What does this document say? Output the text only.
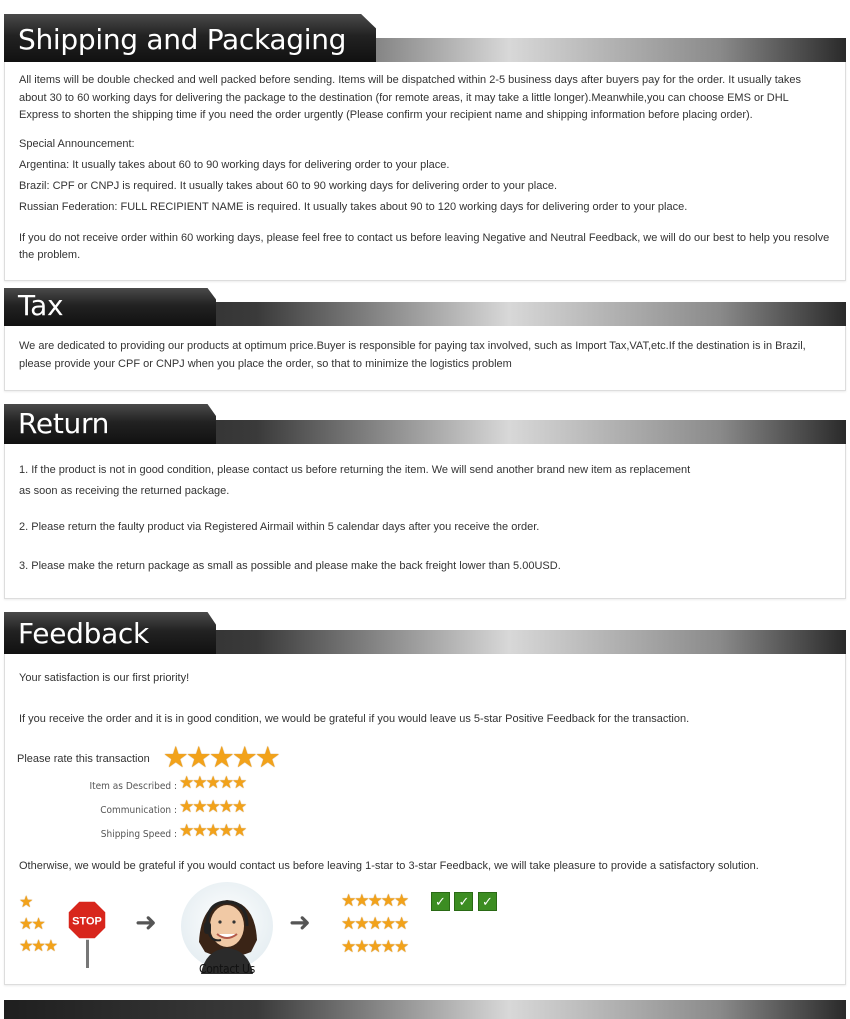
Shipping and Packaging

All items will be double checked and well packed before sending. Items will be dispatched within 2-5 business days after buyers pay for the order. It usually takes about 30 to 60 working days for delivering the package to the destination (for remote areas, it may take a little longer).Meanwhile,you can choose EMS or DHL Express to shorten the shipping time if you need the order urgently (Please confirm your recipient name and shipping information before placing order).

Special Announcement:

Argentina: It usually takes about 60 to 90 working days for delivering order to your place.

Brazil: CPF or CNPJ is required. It usually takes about 60 to 90 working days for delivering order to your place.

Russian Federation: FULL RECIPIENT NAME is required. It usually takes about 90 to 120 working days for delivering order to your place.

If you do not receive order within 60 working days, please feel free to contact us before leaving Negative and Neutral Feedback, we will do our best to help you resolve the problem.

Tax

We are dedicated to providing our products at optimum price.Buyer is responsible for paying tax involved, such as Import Tax,VAT,etc.If the destination is in Brazil, please provide your CPF or CNPJ when you place the order, so that to minimize the logistics problem

Return

1. If the product is not in good condition, please contact us before returning the item. We will send another brand new item as replacement

as soon as receiving the returned package.

2. Please return the faulty product via Registered Airmail within 5 calendar days after you receive the order.

3. Please make the return package as small as possible and please make the back freight lower than 5.00USD.

Feedback

Your satisfaction is our first priority!

If you receive the order and it is in good condition, we would be grateful if you would leave us 5-star Positive Feedback for the transaction.

Please rate this transaction ★★★★★
Item as Described : ★★★★★
Communication : ★★★★★
Shipping Speed : ★★★★★

Otherwise, we would be grateful if you would contact us before leaving 1-star to 3-star Feedback, we will take pleasure to provide a satisfactory solution.

★
★★
★★★
STOP ➜
Contact Us
➜
★★★★★
★★★★★
★★★★★
✓ ✓ ✓
